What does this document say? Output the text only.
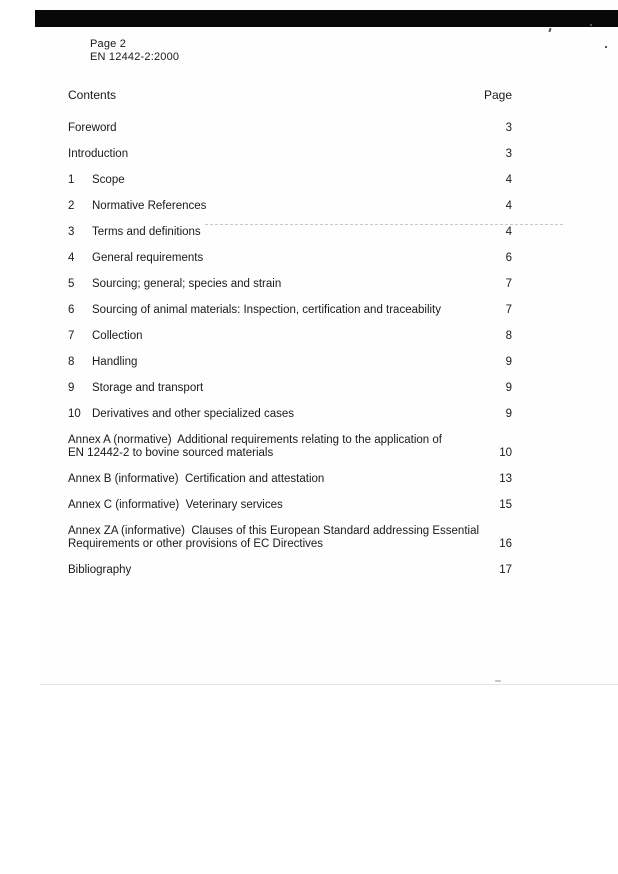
Page 2
EN 12442-2:2000
Contents	Page
Foreword	3
Introduction	3
1	Scope	4
2	Normative References	4
3	Terms and definitions	4
4	General requirements	6
5	Sourcing; general; species and strain	7
6	Sourcing of animal materials: Inspection, certification and traceability	7
7	Collection	8
8	Handling	9
9	Storage and transport	9
10 Derivatives and other specialized cases	9
Annex A (normative)  Additional requirements relating to the application of
EN 12442-2 to bovine sourced materials	10
Annex B (informative)  Certification and attestation	13
Annex C (informative)  Veterinary services	15
Annex ZA (informative)  Clauses of this European Standard addressing Essential
Requirements or other provisions of EC Directives	16
Bibliography	17
